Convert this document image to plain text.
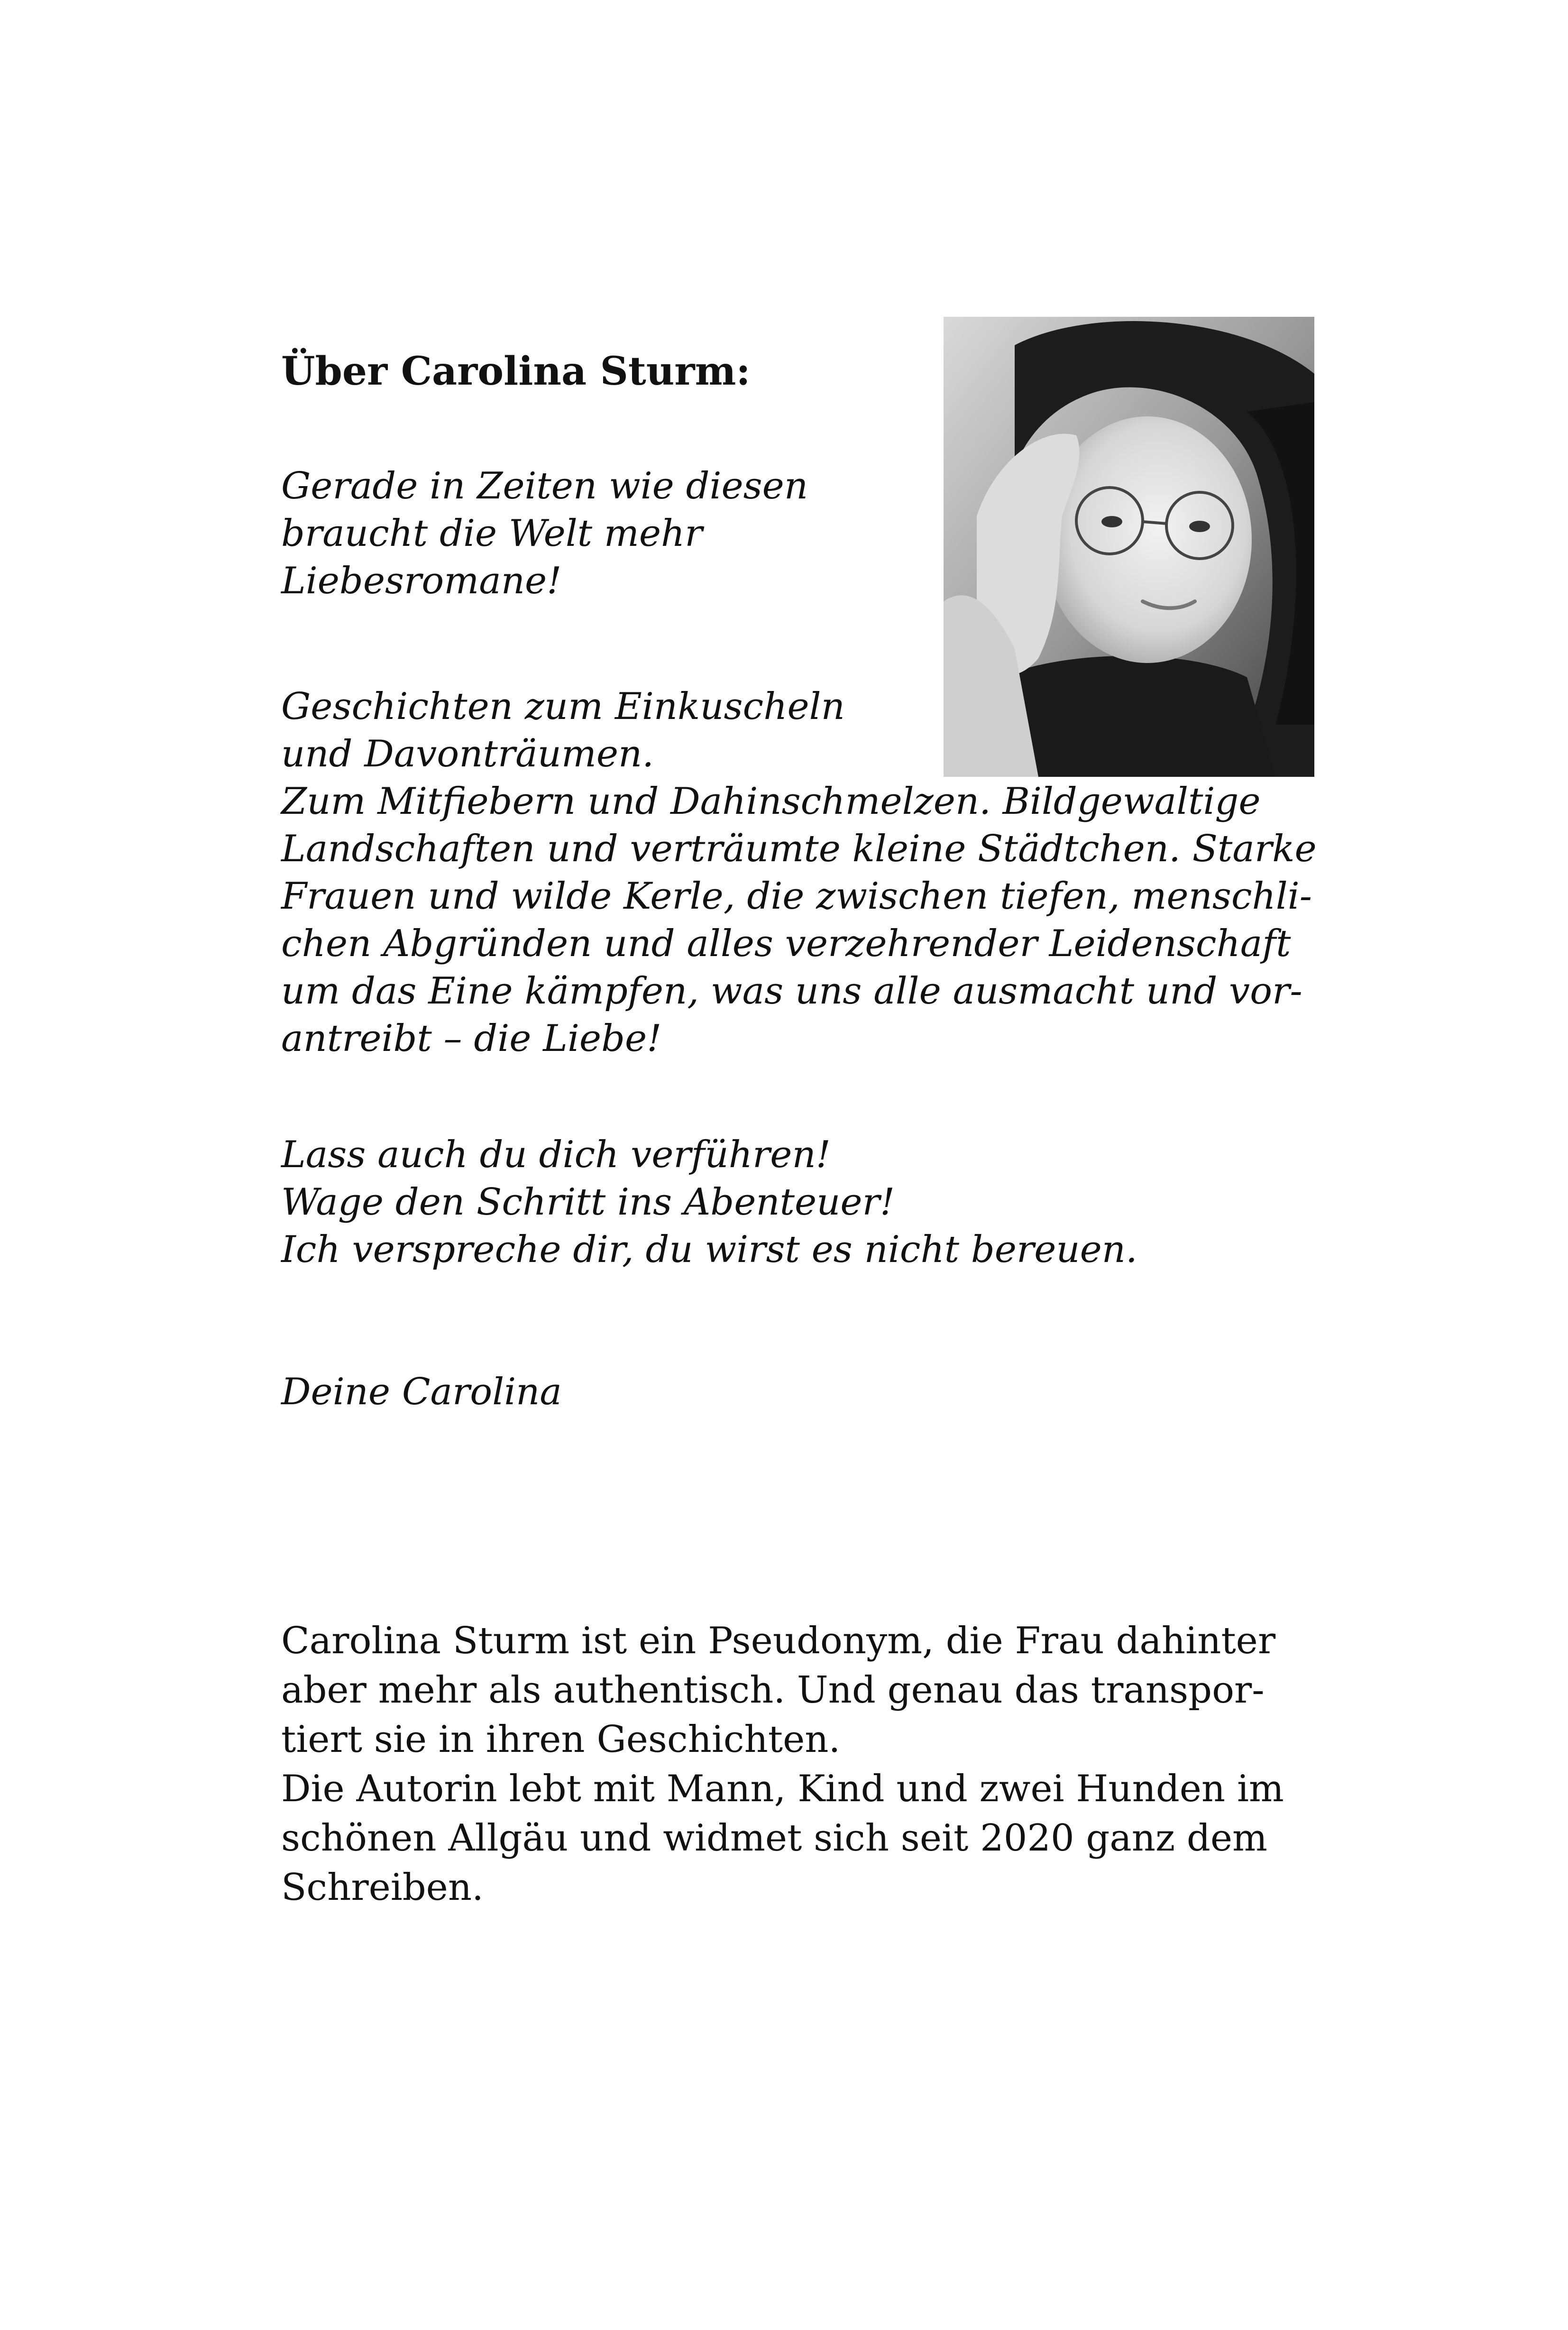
Über Carolina Sturm:

Gerade in Zeiten wie diesen

braucht die Welt mehr

Liebesromane!

Geschichten zum Einkuscheln

und Davonträumen.

Zum Mitfiebern und Dahinschmelzen. Bildgewaltige

Landschaften und verträumte kleine Städtchen. Starke

Frauen und wilde Kerle, die zwischen tiefen, menschli-

chen Abgründen und alles verzehrender Leidenschaft

um das Eine kämpfen, was uns alle ausmacht und vor-

antreibt – die Liebe!

Lass auch du dich verführen!

Wage den Schritt ins Abenteuer!

Ich verspreche dir, du wirst es nicht bereuen.

Deine Carolina

Carolina Sturm ist ein Pseudonym, die Frau dahinter

aber mehr als authentisch. Und genau das transpor-

tiert sie in ihren Geschichten.

Die Autorin lebt mit Mann, Kind und zwei Hunden im

schönen Allgäu und widmet sich seit 2020 ganz dem

Schreiben.
